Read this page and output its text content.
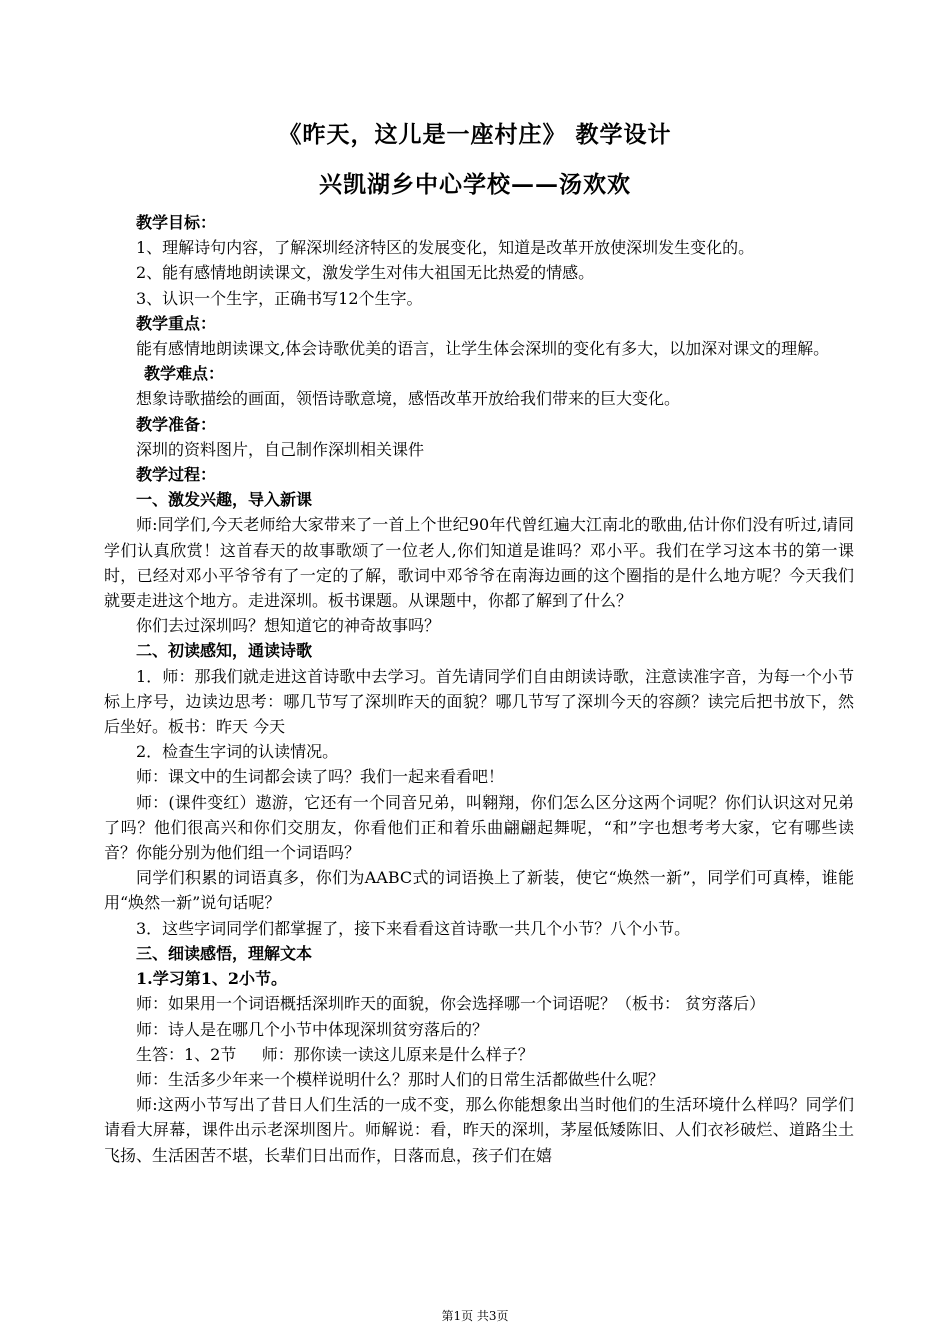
《昨天，这儿是一座村庄》 教学设计
兴凯湖乡中心学校——汤欢欢

教学目标：

1、理解诗句内容，了解深圳经济特区的发展变化，知道是改革开放使深圳发生变化的。

2、能有感情地朗读课文，激发学生对伟大祖国无比热爱的情感。

3、认识一个生字，正确书写12个生字。

教学重点：

能有感情地朗读课文,体会诗歌优美的语言，让学生体会深圳的变化有多大，以加深对课文的理解。

教学难点：

想象诗歌描绘的画面，领悟诗歌意境，感悟改革开放给我们带来的巨大变化。

教学准备：

深圳的资料图片，自己制作深圳相关课件

教学过程：

一、激发兴趣，导入新课

师:同学们,今天老师给大家带来了一首上个世纪90年代曾红遍大江南北的歌曲,估计你们没有听过,请同学们认真欣赏！这首春天的故事歌颂了一位老人,你们知道是谁吗？邓小平。我们在学习这本书的第一课时，已经对邓小平爷爷有了一定的了解，歌词中邓爷爷在南海边画的这个圈指的是什么地方呢？今天我们就要走进这个地方。走进深圳。板书课题。从课题中，你都了解到了什么？

你们去过深圳吗？想知道它的神奇故事吗？

二、初读感知，通读诗歌

1．师：那我们就走进这首诗歌中去学习。首先请同学们自由朗读诗歌，注意读准字音，为每一个小节标上序号，边读边思考：哪几节写了深圳昨天的面貌？哪几节写了深圳今天的容颜？读完后把书放下，然后坐好。板书：昨天 今天

2．检查生字词的认读情况。

师：课文中的生词都会读了吗？我们一起来看看吧！

师：(课件变红）遨游，它还有一个同音兄弟，叫翱翔，你们怎么区分这两个词呢？你们认识这对兄弟了吗？他们很高兴和你们交朋友，你看他们正和着乐曲翩翩起舞呢，“和”字也想考考大家，它有哪些读音？你能分别为他们组一个词语吗？

同学们积累的词语真多，你们为AABC式的词语换上了新装，使它“焕然一新”，同学们可真棒，谁能用“焕然一新”说句话呢？

3．这些字词同学们都掌握了，接下来看看这首诗歌一共几个小节？八个小节。

三、细读感悟，理解文本

1.学习第1、2小节。

师：如果用一个词语概括深圳昨天的面貌，你会选择哪一个词语呢？（板书： 贫穷落后）

师：诗人是在哪几个小节中体现深圳贫穷落后的？

生答：1、2节     师：那你读一读这儿原来是什么样子？

师：生活多少年来一个模样说明什么？那时人们的日常生活都做些什么呢？

师:这两小节写出了昔日人们生活的一成不变，那么你能想象出当时他们的生活环境什么样吗？同学们请看大屏幕，课件出示老深圳图片。师解说：看，昨天的深圳，茅屋低矮陈旧、人们衣衫破烂、道路尘土飞扬、生活困苦不堪，长辈们日出而作，日落而息，孩子们在嬉

第1页 共3页
